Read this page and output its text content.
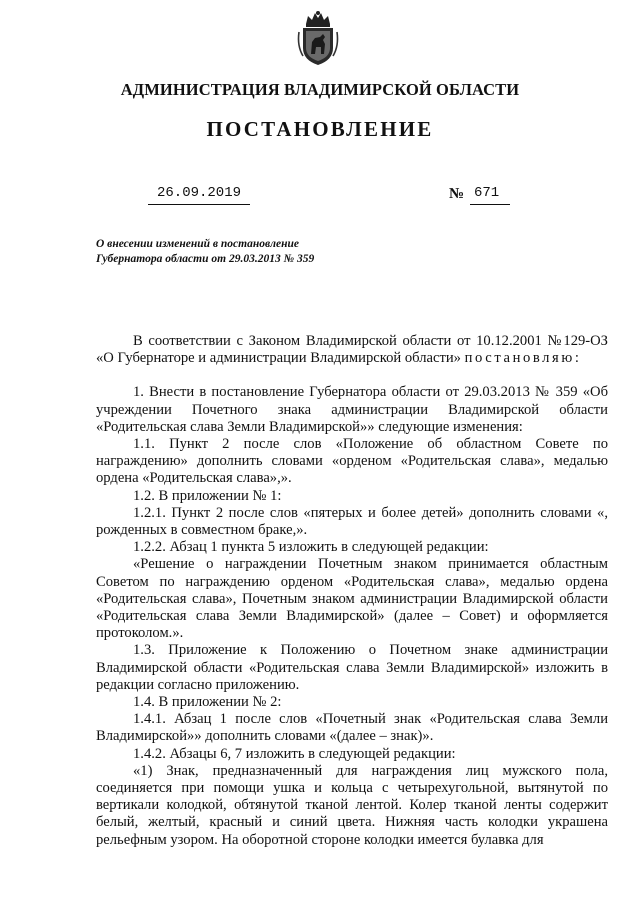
АДМИНИСТРАЦИЯ ВЛАДИМИРСКОЙ ОБЛАСТИ
ПОСТАНОВЛЕНИЕ
26.09.2019	№ 671
О внесении изменений в постановление
Губернатора области от 29.03.2013 № 359

В соответствии с Законом Владимирской области от 10.12.2001 №129-ОЗ «О Губернаторе и администрации Владимирской области» постановляю:

1. Внести в постановление Губернатора области от 29.03.2013 № 359 «Об учреждении Почетного знака администрации Владимирской области «Родительская слава Земли Владимирской»» следующие изменения:

1.1. Пункт 2 после слов «Положение об областном Совете по награждению» дополнить словами «орденом «Родительская слава», медалью ордена «Родительская слава»,».

1.2. В приложении № 1:

1.2.1. Пункт 2 после слов «пятерых и более детей» дополнить словами «, рожденных в совместном браке,».

1.2.2. Абзац 1 пункта 5 изложить в следующей редакции:

«Решение о награждении Почетным знаком принимается областным Советом по награждению орденом «Родительская слава», медалью ордена «Родительская слава», Почетным знаком администрации Владимирской области «Родительская слава Земли Владимирской» (далее – Совет) и оформляется протоколом.».

1.3. Приложение к Положению о Почетном знаке администрации Владимирской области «Родительская слава Земли Владимирской» изложить в редакции согласно приложению.

1.4. В приложении № 2:

1.4.1. Абзац 1 после слов «Почетный знак «Родительская слава Земли Владимирской»» дополнить словами «(далее – знак)».

1.4.2. Абзацы 6, 7 изложить в следующей редакции:

«1) Знак, предназначенный для награждения лиц мужского пола, соединяется при помощи ушка и кольца с четырехугольной, вытянутой по вертикали колодкой, обтянутой тканой лентой. Колер тканой ленты содержит белый, желтый, красный и синий цвета. Нижняя часть колодки украшена рельефным узором. На оборотной стороне колодки имеется булавка для
